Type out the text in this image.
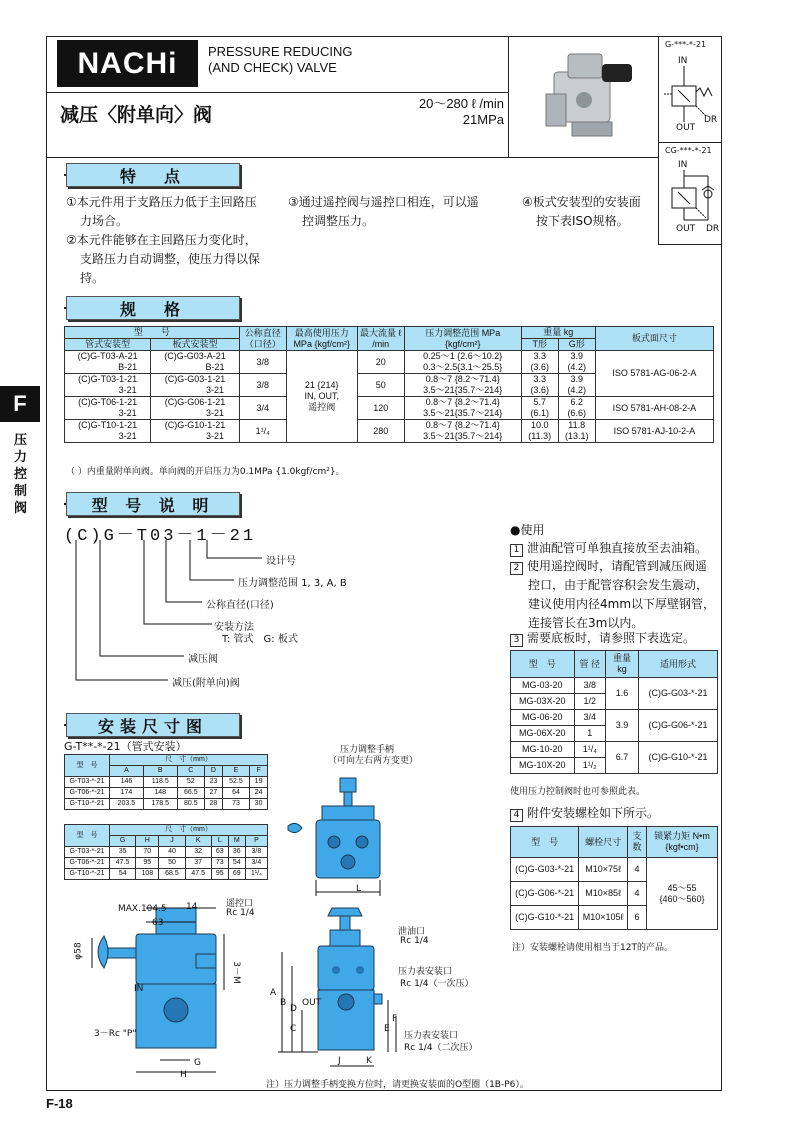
NACHi	PRESSURE REDUCING
(AND CHECK) VALVE
减压〈附单向〉阀
20～280 ℓ /min
21MPa
G-***-*-21
IN
OUT
DR
CG-***-*-21
IN
OUT DR
F
压力控制阀
特　点
①本元件用于支路压力低于主回路压
力场合。
②本元件能够在主回路压力变化时，
支路压力自动调整，使压力得以保
持。
③通过遥控阀与遥控口相连，可以遥
控调整压力。
④板式安装型的安装面
按下表ISO规格。
规　格
型　　号		公称直径（口径）	最高使用压力 MPa {kgf/cm²}	最大流量 ℓ /min	压力调整范围 MPa {kgf/cm²}	重量 kg		板式面尺寸
管式安装型	板式安装型					T形	G形	
(C)G-T03-A-21
B-21	(C)G-G03-A-21
B-21	3/8	21 {214}
IN, OUT,
遥控阀	20	0.25～1 {2.6～10.2}
0.3～2.5{3.1～25.5}	3.3
(3.6)	3.9
(4.2)	ISO 5781-AG-06-2-A
(C)G-T03-1-21
3-21	(C)G-G03-1-21
3-21	3/8		50	0.8～7 {8.2～71.4}
3.5～21{35.7～214}	3.3
(3.6)	3.9
(4.2)	
(C)G-T06-1-21
3-21	(C)G-G06-1-21
3-21	3/4		120	0.8～7 {8.2～71.4}
3.5～21{35.7～214}	5.7
(6.1)	6.2
(6.6)	ISO 5781-AH-08-2-A
(C)G-T10-1-21
3-21	(C)G-G10-1-21
3-21	1¹/₄		280	0.8～7 {8.2～71.4}
3.5～21{35.7～214}	10.0
(11.3)	11.8
(13.1)	ISO 5781-AJ-10-2-A
（ ）内重量附单向阀。单向阀的开启压力为0.1MPa {1.0kgf/cm²}。
型 号 说 明
(C)G－T03－1－21
设计号
压力调整范围 1, 3, A, B
公称直径(口径)
安装方法
T: 管式　G: 板式
减压阀
减压(附单向)阀
●使用
1 泄油配管可单独直接放至去油箱。
2 使用遥控阀时，请配管到减压阀遥
控口，由于配管容积会发生震动，
建议使用内径4mm以下厚壁钢管，
连接管长在3m以内。
3 需要底板时，请参照下表选定。
型　号	管 径	重量 kg	适用形式
MG-03-20	3/8	1.6	(C)G-G03-*-21
MG-03X-20	1/2		
MG-06-20	3/4	3.9	(C)G-G06-*-21
MG-06X-20	1		
MG-10-20	1¹/₄	6.7	(C)G-G10-*-21
MG-10X-20	1¹/₂		
使用压力控制阀时也可参照此表。
4 附件安装螺栓如下所示。
型　号	螺栓尺寸	支数	锁紧力矩 N•m {kgf•cm}
(C)G-G03-*-21	M10×75ℓ	4	45～55
{460～560}
(C)G-G06-*-21	M10×85ℓ	4	
(C)G-G10-*-21	M10×105ℓ	6	
注）安装螺栓请使用相当于12T的产品。
安装尺寸图
G-T**-*-21（管式安装）
型　号	尺　寸（mm）					
	A	B	C	D	E	F
G-T03-*-21	146	118.5	52	23	52.5	19
G-T06-*-21	174	148	66.5	27	64	24
G-T10-*-21	203.5	178.5	80.5	28	73	30
型　号	尺　寸（mm）						
	G	H	J	K	L	M	P
G-T03-*-21	35	70	40	32	63	36	3/8
G-T06-*-21	47.5	95	50	37	73	54	3/4
G-T10-*-21	54	108	68.5	47.5	95	69	1¹/₄
压力调整手柄
（可向左右两方变更）
L
MAX.104.5 14
63
遥控口
Rc 1/4
φ58
3－M
IN
3－Rc "P"
G
H
泄油口
Rc 1/4
压力表安装口
Rc 1/4（一次压）
压力表安装口
Rc 1/4（二次压）
OUT
A
B
C
D
E
F
J	K
注）压力调整手柄变换方位时，请更换安装面的O型圈（1B-P6）。
F-18
